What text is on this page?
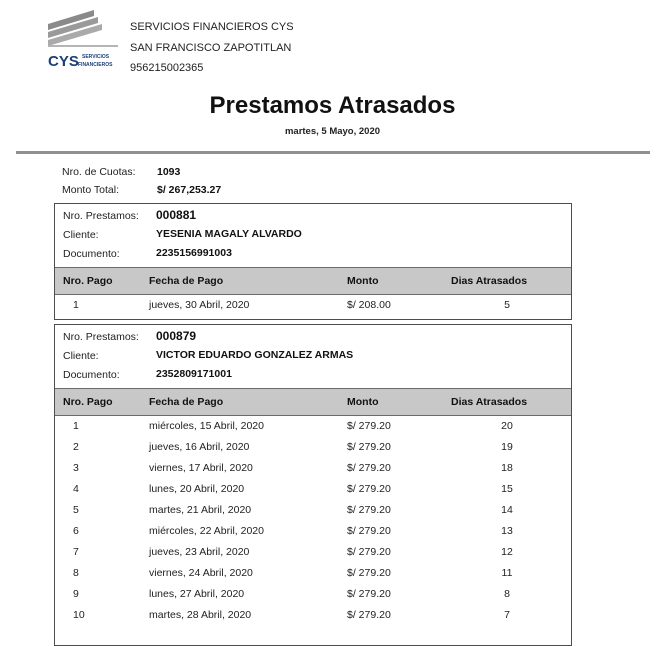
CYS SERVICIOS
FINANCIEROS
SERVICIOS FINANCIEROS CYS
SAN FRANCISCO ZAPOTITLAN
956215002365
Prestamos Atrasados
martes, 5 Mayo, 2020
Nro. de Cuotas: 1093
Monto Total:	$/ 267,253.27
Nro. Prestamos: 000881
Cliente:	YESENIA MAGALY ALVARDO
Documento:	2235156991003
Nro. Pago	Fecha de Pago	Monto	Dias Atrasados
1	jueves, 30 Abril, 2020	$/ 208.00	5
Nro. Prestamos: 000879
Cliente:	VICTOR EDUARDO GONZALEZ ARMAS
Documento:	2352809171001
Nro. Pago	Fecha de Pago	Monto	Dias Atrasados
1	miércoles, 15 Abril, 2020	$/ 279.20	20
2	jueves, 16 Abril, 2020	$/ 279.20	19
3	viernes, 17 Abril, 2020	$/ 279.20	18
4	lunes, 20 Abril, 2020	$/ 279.20	15
5	martes, 21 Abril, 2020	$/ 279.20	14
6	miércoles, 22 Abril, 2020	$/ 279.20	13
7	jueves, 23 Abril, 2020	$/ 279.20	12
8	viernes, 24 Abril, 2020	$/ 279.20	11
9	lunes, 27 Abril, 2020	$/ 279.20	8
10	martes, 28 Abril, 2020	$/ 279.20	7
